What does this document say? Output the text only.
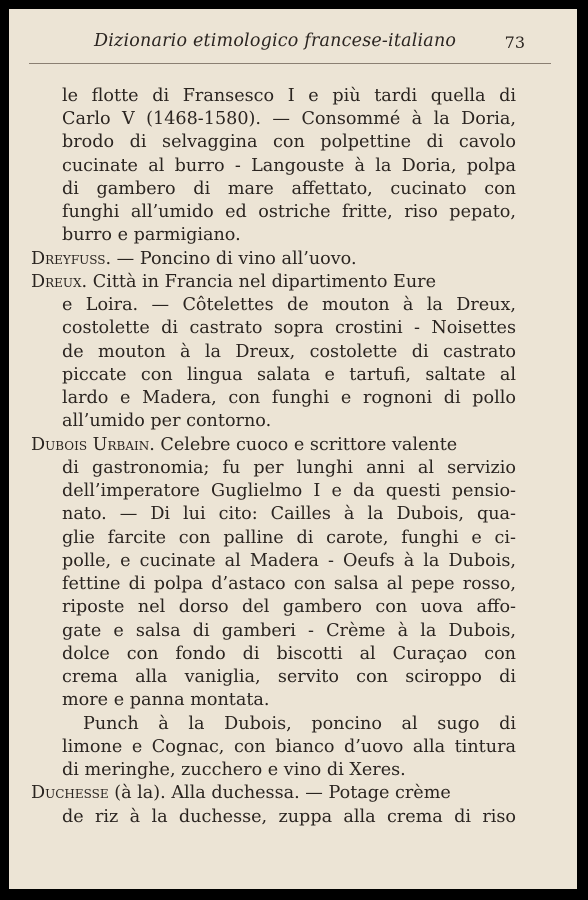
Dizionario etimologico francese-italiano	73
le flotte di Fransesco I e più tardi quella di
Carlo V (1468-1580). — Consommé à la Doria,
brodo di selvaggina con polpettine di cavolo
cucinate al burro - Langouste à la Doria, polpa
di gambero di mare affettato, cucinato con
funghi all’umido ed ostriche fritte, riso pepato,
burro e parmigiano.
Dreyfuss. — Poncino di vino all’uovo.
Dreux. Città in Francia nel dipartimento Eure
e Loira. — Côtelettes de mouton à la Dreux,
costolette di castrato sopra crostini - Noisettes
de mouton à la Dreux, costolette di castrato
piccate con lingua salata e tartufi, saltate al
lardo e Madera, con funghi e rognoni di pollo
all’umido per contorno.
Dubois Urbain. Celebre cuoco e scrittore valente
di gastronomia; fu per lunghi anni al servizio
dell’imperatore Guglielmo I e da questi pensio-
nato. — Di lui cito: Cailles à la Dubois, qua-
glie farcite con palline di carote, funghi e ci-
polle, e cucinate al Madera - Oeufs à la Dubois,
fettine di polpa d’astaco con salsa al pepe rosso,
riposte nel dorso del gambero con uova affo-
gate e salsa di gamberi - Crème à la Dubois,
dolce con fondo di biscotti al Curaçao con
crema alla vaniglia, servito con sciroppo di
more e panna montata.
Punch à la Dubois, poncino al sugo di
limone e Cognac, con bianco d’uovo alla tintura
di meringhe, zucchero e vino di Xeres.
Duchesse (à la). Alla duchessa. — Potage crème
de riz à la duchesse, zuppa alla crema di riso
